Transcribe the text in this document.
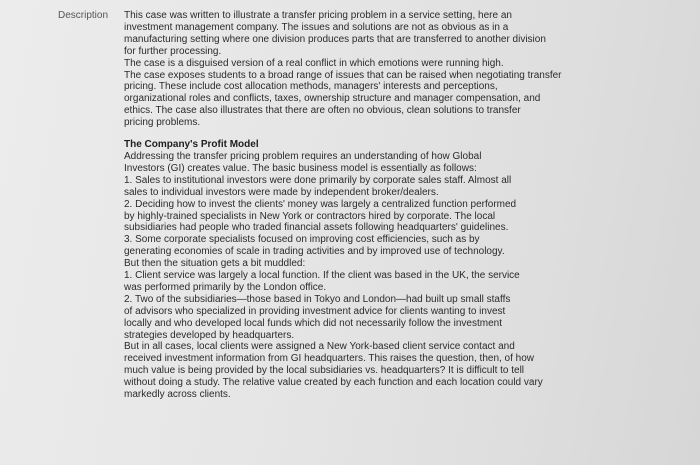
Description	This case was written to illustrate a transfer pricing problem in a service setting, here an
investment management company. The issues and solutions are not as obvious as in a
manufacturing setting where one division produces parts that are transferred to another division
for further processing.
The case is a disguised version of a real conflict in which emotions were running high.
The case exposes students to a broad range of issues that can be raised when negotiating transfer
pricing. These include cost allocation methods, managers' interests and perceptions,
organizational roles and conflicts, taxes, ownership structure and manager compensation, and
ethics. The case also illustrates that there are often no obvious, clean solutions to transfer
pricing problems.
The Company's Profit Model
Addressing the transfer pricing problem requires an understanding of how Global
Investors (GI) creates value. The basic business model is essentially as follows:
1. Sales to institutional investors were done primarily by corporate sales staff. Almost all
sales to individual investors were made by independent broker/dealers.
2. Deciding how to invest the clients' money was largely a centralized function performed
by highly-trained specialists in New York or contractors hired by corporate. The local
subsidiaries had people who traded financial assets following headquarters' guidelines.
3. Some corporate specialists focused on improving cost efficiencies, such as by
generating economies of scale in trading activities and by improved use of technology.
But then the situation gets a bit muddled:
1. Client service was largely a local function. If the client was based in the UK, the service
was performed primarily by the London office.
2. Two of the subsidiaries—those based in Tokyo and London—had built up small staffs
of advisors who specialized in providing investment advice for clients wanting to invest
locally and who developed local funds which did not necessarily follow the investment
strategies developed by headquarters.
But in all cases, local clients were assigned a New York-based client service contact and
received investment information from GI headquarters. This raises the question, then, of how
much value is being provided by the local subsidiaries vs. headquarters? It is difficult to tell
without doing a study. The relative value created by each function and each location could vary
markedly across clients.
